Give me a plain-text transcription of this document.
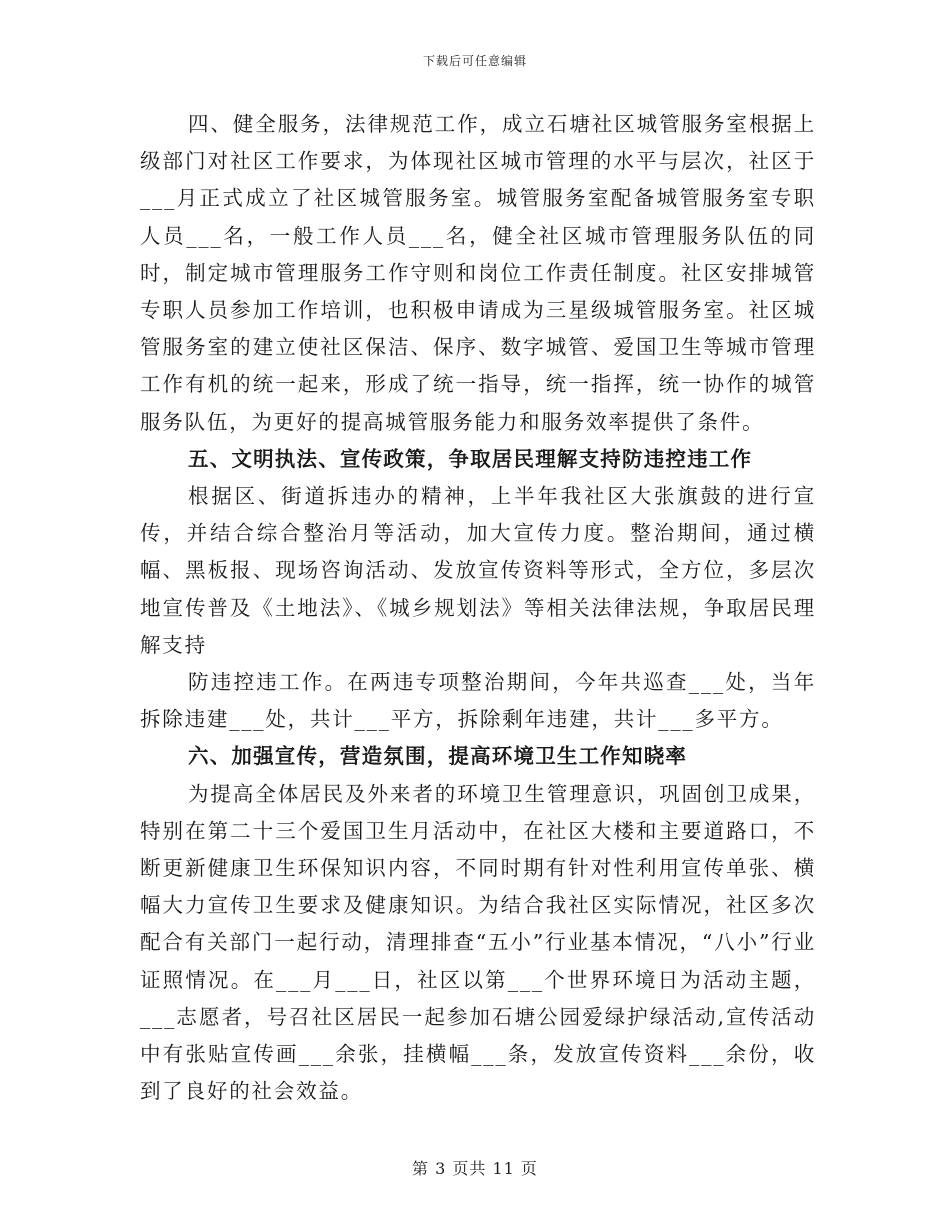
下载后可任意编辑

四、健全服务，法律规范工作，成立石塘社区城管服务室根据上级部门对社区工作要求，为体现社区城市管理的水平与层次，社区于___月正式成立了社区城管服务室。城管服务室配备城管服务室专职人员___名，一般工作人员___名，健全社区城市管理服务队伍的同时，制定城市管理服务工作守则和岗位工作责任制度。社区安排城管专职人员参加工作培训，也积极申请成为三星级城管服务室。社区城管服务室的建立使社区保洁、保序、数字城管、爱国卫生等城市管理工作有机的统一起来，形成了统一指导，统一指挥，统一协作的城管服务队伍，为更好的提高城管服务能力和服务效率提供了条件。

五、文明执法、宣传政策，争取居民理解支持防违控违工作

根据区、街道拆违办的精神，上半年我社区大张旗鼓的进行宣传，并结合综合整治月等活动，加大宣传力度。整治期间，通过横幅、黑板报、现场咨询活动、发放宣传资料等形式，全方位，多层次地宣传普及《土地法》、《城乡规划法》等相关法律法规，争取居民理解支持

防违控违工作。在两违专项整治期间，今年共巡查___处，当年拆除违建___处，共计___平方，拆除剩年违建，共计___多平方。

六、加强宣传，营造氛围，提高环境卫生工作知晓率

为提高全体居民及外来者的环境卫生管理意识，巩固创卫成果，特别在第二十三个爱国卫生月活动中，在社区大楼和主要道路口，不断更新健康卫生环保知识内容，不同时期有针对性利用宣传单张、横幅大力宣传卫生要求及健康知识。为结合我社区实际情况，社区多次配合有关部门一起行动，清理排查“五小”行业基本情况，“八小”行业证照情况。在___月___日，社区以第___个世界环境日为活动主题，___志愿者，号召社区居民一起参加石塘公园爱绿护绿活动,宣传活动中有张贴宣传画___余张，挂横幅___条，发放宣传资料___余份，收到了良好的社会效益。

第 3 页共 11 页
